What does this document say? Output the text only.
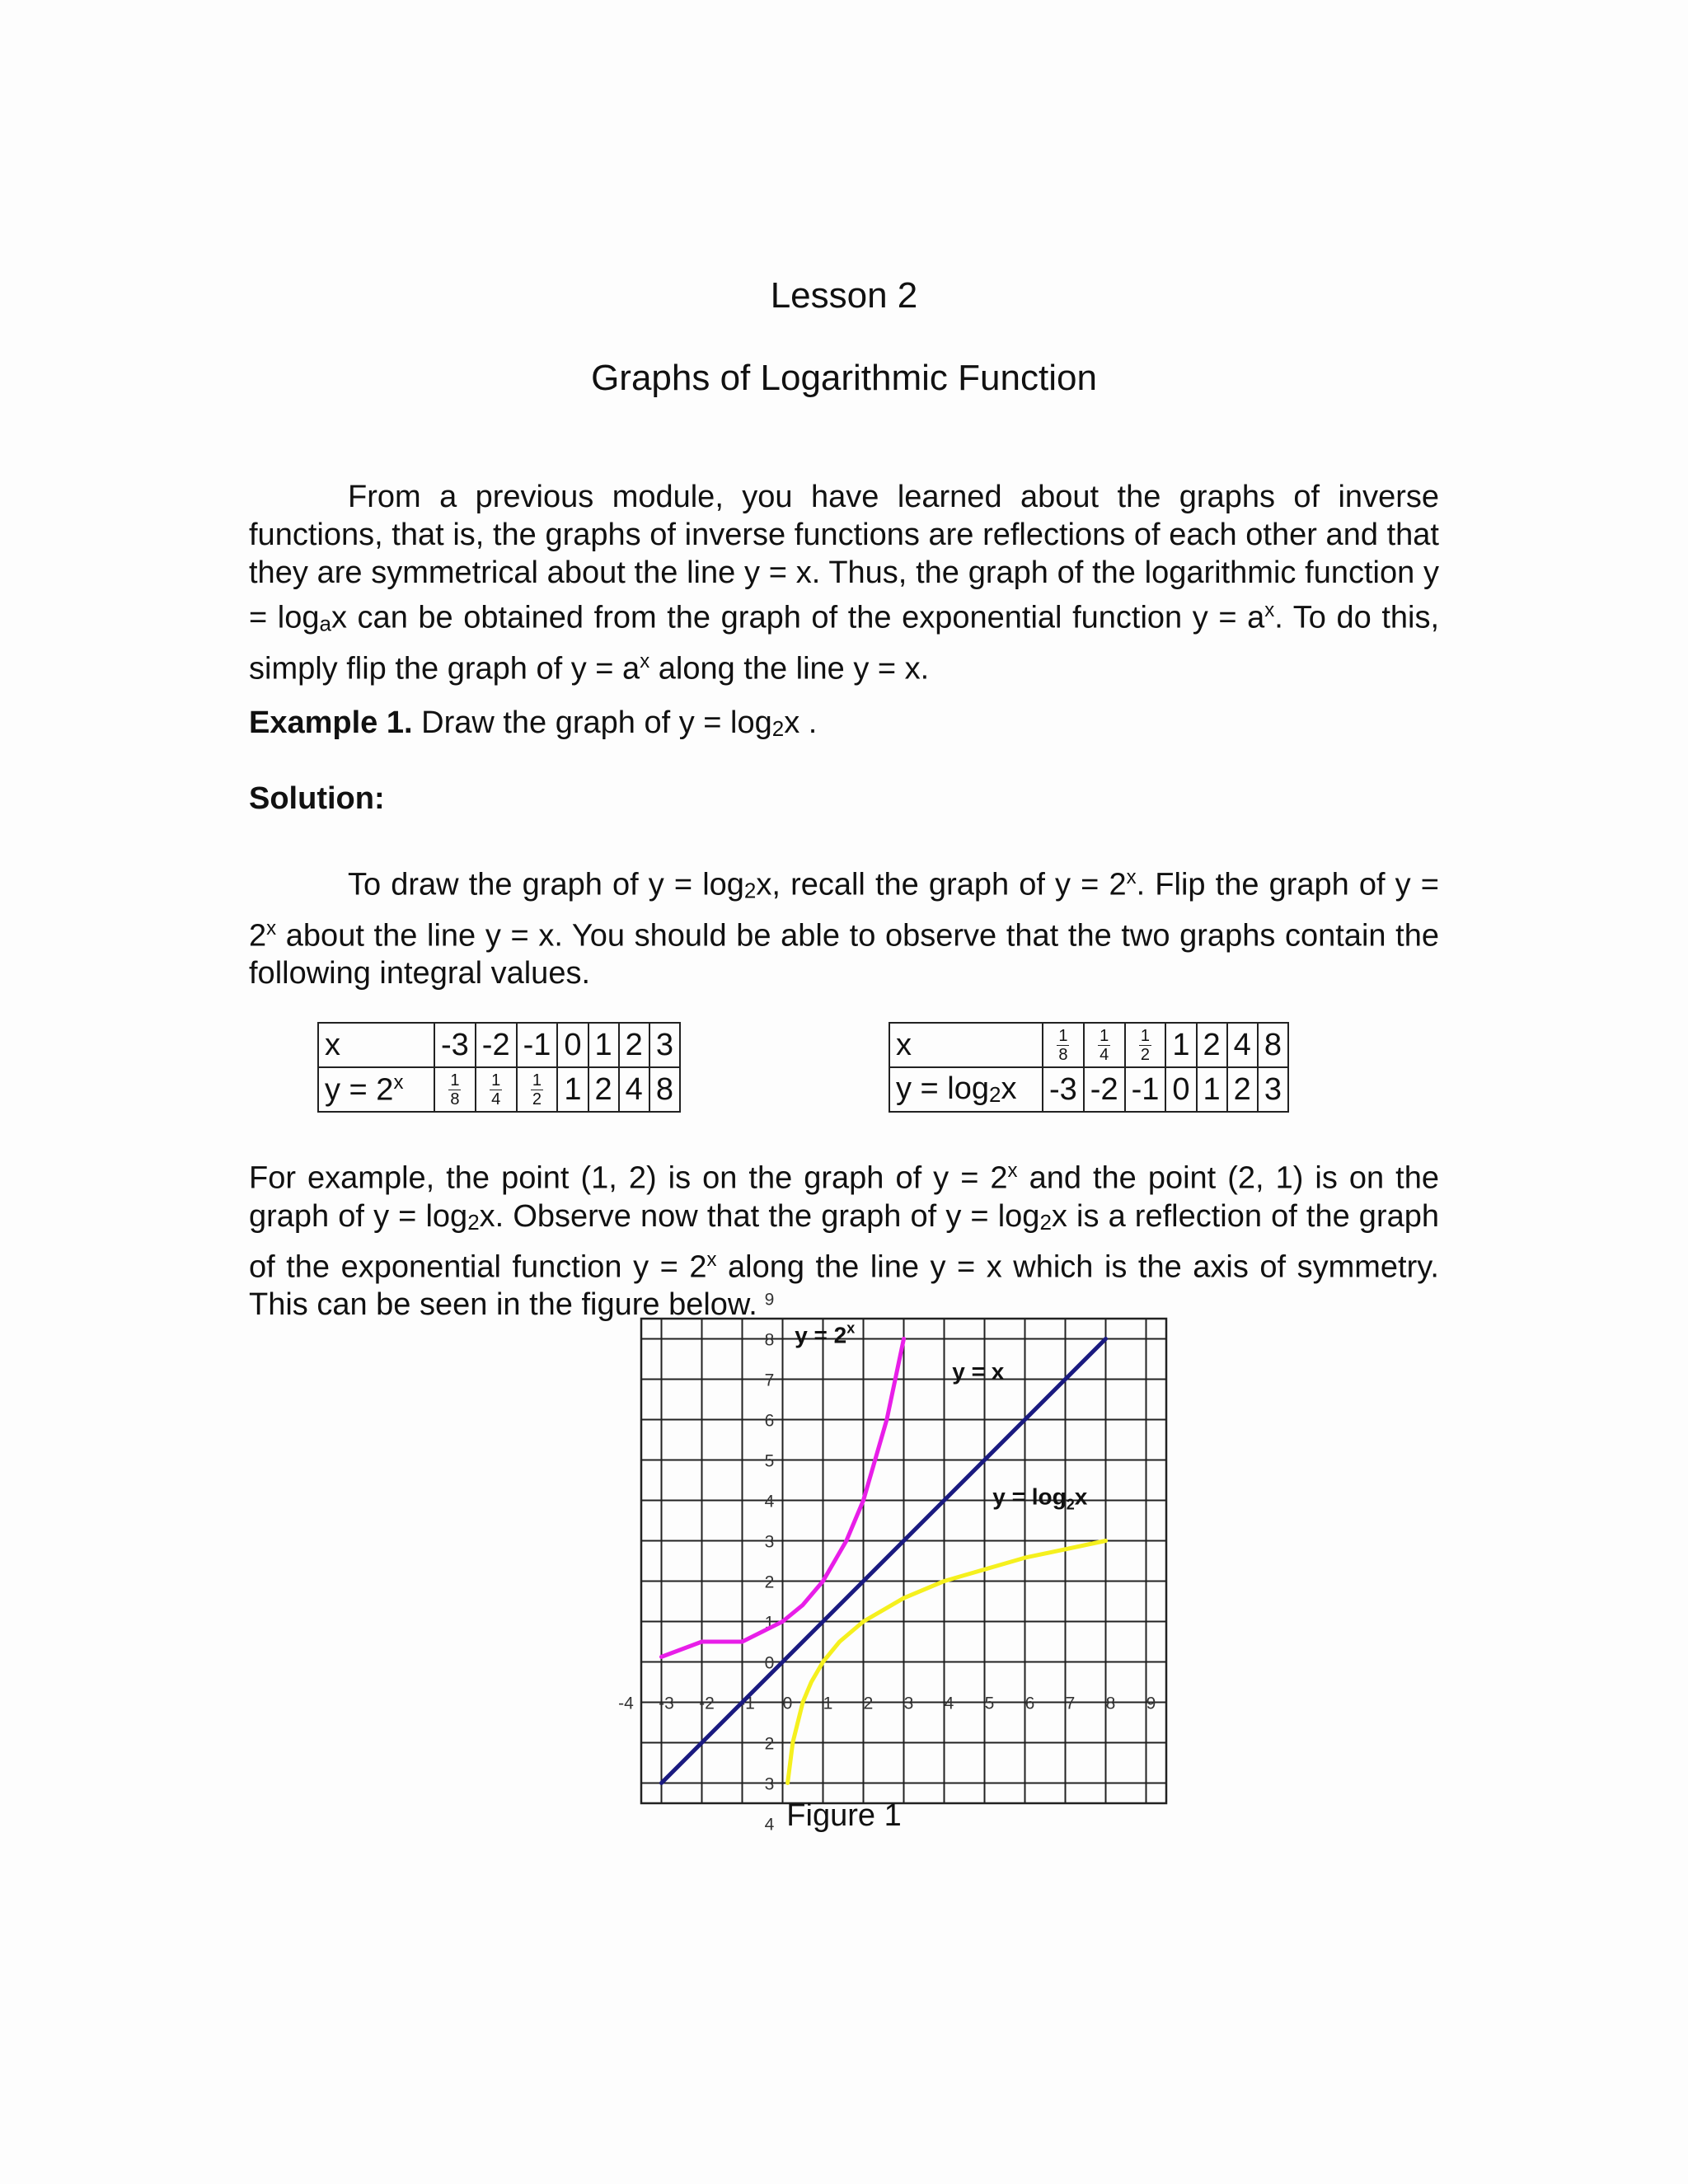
Lesson 2
Graphs of Logarithmic Function
From a previous module, you have learned about the graphs of inverse functions, that is, the graphs of inverse functions are reflections of each other and that they are symmetrical about the line y = x. Thus, the graph of the logarithmic function $y = \log_ax$ can be obtained from the graph of the exponential function $y = a^x$. To do this, simply flip the graph of $y = a^x$ along the line y = x.
Example 1. Draw the graph of $y = \log_2x$ .
Solution:
To draw the graph of $y = \log_2x$, recall the graph of $y = 2^x$. Flip the graph of $y = 2^x$ about the line y = x. You should be able to observe that the two graphs contain the following integral values.
x	-3	-2	-1	0	1	2	3
$y = 2^x$	$\frac{1}{8}$	$\frac{1}{4}$	$\frac{1}{2}$	1	2	4	8
x	$\frac{1}{8}$	$\frac{1}{4}$	$\frac{1}{2}$	1	2	4	8
$y = \log_2x$	-3	-2	-1	0	1	2	3
For example, the point (1, 2) is on the graph of $y = 2^x$ and the point (2, 1) is on the graph of $y = \log_2x$. Observe now that the graph of $y = \log_2x$ is a reflection of the graph of the exponential function $y = 2^x$ along the line y = x which is the axis of symmetry. This can be seen in the figure below.
-4 -3 -2 -1 0 1 2 3 4 5 6 7 8 9
9
8
7
6
5
4
3
2
1
0
2
3
4
$y = 2^x$
y = x
$y = \log_2x$
Figure 1
